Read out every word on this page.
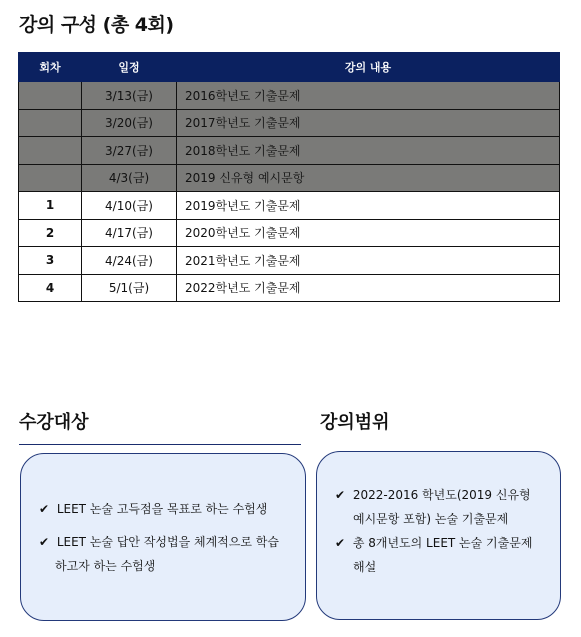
강의 구성 (총 4회)
회차	일정	강의 내용
	3/13(금)	2016학년도 기출문제
	3/20(금)	2017학년도 기출문제
	3/27(금)	2018학년도 기출문제
	4/3(금)	2019 신유형 예시문항
1	4/10(금)	2019학년도 기출문제
2	4/17(금)	2020학년도 기출문제
3	4/24(금)	2021학년도 기출문제
4	5/1(금)	2022학년도 기출문제
수강대상	강의범위
✔ LEET 논술 고득점을 목표로 하는 수험생
✔ LEET 논술 답안 작성법을 체계적으로 학습
하고자 하는 수험생
✔ 2022-2016 학년도(2019 신유형
예시문항 포함) 논술 기출문제
✔ 총 8개년도의 LEET 논술 기출문제
해설
